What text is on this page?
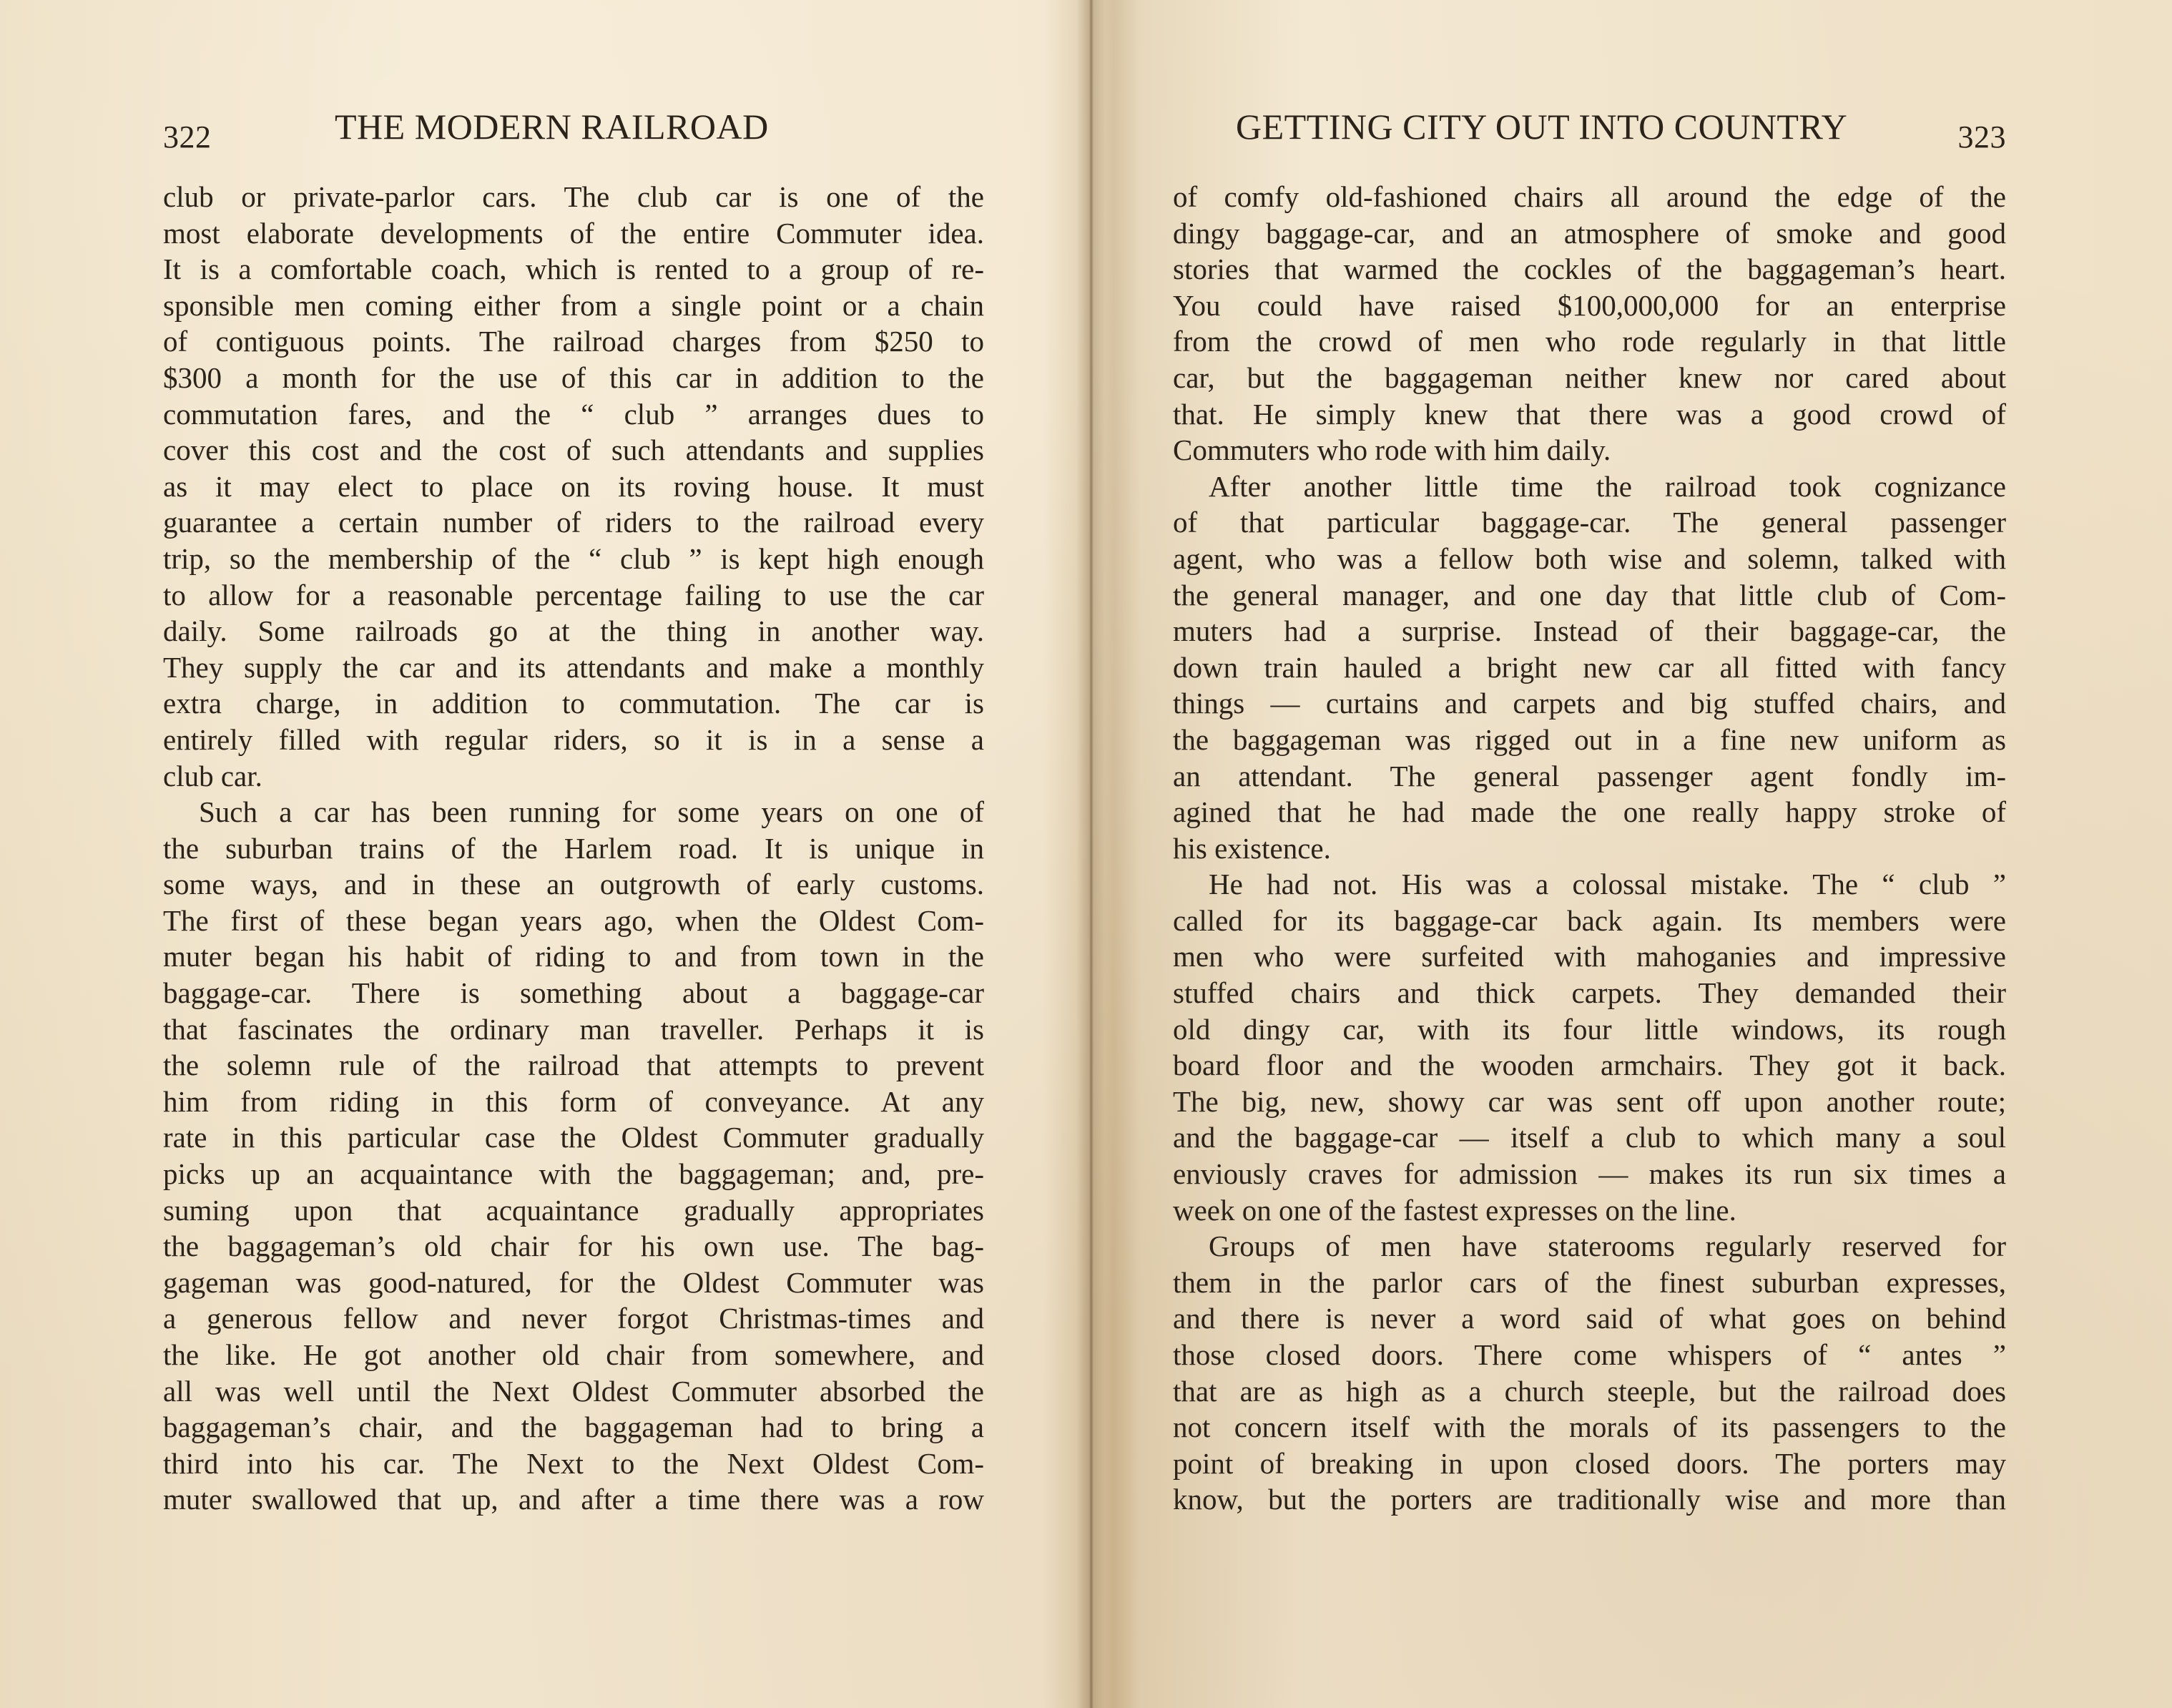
322	THE MODERN RAILROAD
club or private-parlor cars. The club car is one of the
most elaborate developments of the entire Commuter idea.
It is a comfortable coach, which is rented to a group of re-
sponsible men coming either from a single point or a chain
of contiguous points. The railroad charges from $250 to
$300 a month for the use of this car in addition to the
commutation fares, and the “ club ” arranges dues to
cover this cost and the cost of such attendants and supplies
as it may elect to place on its roving house. It must
guarantee a certain number of riders to the railroad every
trip, so the membership of the “ club ” is kept high enough
to allow for a reasonable percentage failing to use the car
daily. Some railroads go at the thing in another way.
They supply the car and its attendants and make a monthly
extra charge, in addition to commutation. The car is
entirely filled with regular riders, so it is in a sense a
club car.
Such a car has been running for some years on one of
the suburban trains of the Harlem road. It is unique in
some ways, and in these an outgrowth of early customs.
The first of these began years ago, when the Oldest Com-
muter began his habit of riding to and from town in the
baggage-car. There is something about a baggage-car
that fascinates the ordinary man traveller. Perhaps it is
the solemn rule of the railroad that attempts to prevent
him from riding in this form of conveyance. At any
rate in this particular case the Oldest Commuter gradually
picks up an acquaintance with the baggageman; and, pre-
suming upon that acquaintance gradually appropriates
the baggageman’s old chair for his own use. The bag-
gageman was good-natured, for the Oldest Commuter was
a generous fellow and never forgot Christmas-times and
the like. He got another old chair from somewhere, and
all was well until the Next Oldest Commuter absorbed the
baggageman’s chair, and the baggageman had to bring a
third into his car. The Next to the Next Oldest Com-
muter swallowed that up, and after a time there was a row
GETTING CITY OUT INTO COUNTRY	323
of comfy old-fashioned chairs all around the edge of the
dingy baggage-car, and an atmosphere of smoke and good
stories that warmed the cockles of the baggageman’s heart.
You could have raised $100,000,000 for an enterprise
from the crowd of men who rode regularly in that little
car, but the baggageman neither knew nor cared about
that. He simply knew that there was a good crowd of
Commuters who rode with him daily.
After another little time the railroad took cognizance
of that particular baggage-car. The general passenger
agent, who was a fellow both wise and solemn, talked with
the general manager, and one day that little club of Com-
muters had a surprise. Instead of their baggage-car, the
down train hauled a bright new car all fitted with fancy
things — curtains and carpets and big stuffed chairs, and
the baggageman was rigged out in a fine new uniform as
an attendant. The general passenger agent fondly im-
agined that he had made the one really happy stroke of
his existence.
He had not. His was a colossal mistake. The “ club ”
called for its baggage-car back again. Its members were
men who were surfeited with mahoganies and impressive
stuffed chairs and thick carpets. They demanded their
old dingy car, with its four little windows, its rough
board floor and the wooden armchairs. They got it back.
The big, new, showy car was sent off upon another route;
and the baggage-car — itself a club to which many a soul
enviously craves for admission — makes its run six times a
week on one of the fastest expresses on the line.
Groups of men have staterooms regularly reserved for
them in the parlor cars of the finest suburban expresses,
and there is never a word said of what goes on behind
those closed doors. There come whispers of “ antes ”
that are as high as a church steeple, but the railroad does
not concern itself with the morals of its passengers to the
point of breaking in upon closed doors. The porters may
know, but the porters are traditionally wise and more than
